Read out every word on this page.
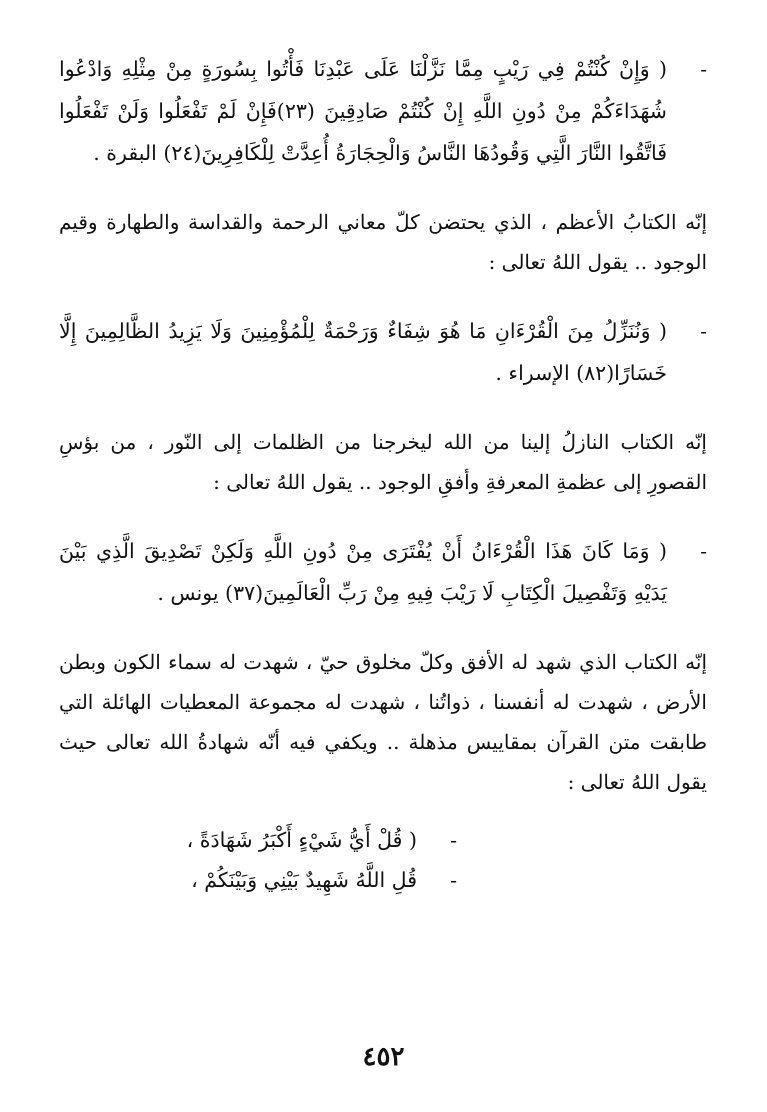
-
( وَإِنْ كُنْتُمْ فِي رَيْبٍ مِمَّا نَزَّلْنَا عَلَى عَبْدِنَا فَأْتُوا بِسُورَةٍ مِنْ مِثْلِهِ وَادْعُوا شُهَدَاءَكُمْ مِنْ دُونِ اللَّهِ إِنْ كُنْتُمْ صَادِقِينَ (٢٣)فَإِنْ لَمْ تَفْعَلُوا وَلَنْ تَفْعَلُوا فَاتَّقُوا النَّارَ الَّتِي وَقُودُهَا النَّاسُ وَالْحِجَارَةُ أُعِدَّتْ لِلْكَافِرِينَ(٢٤) البقرة .

إنّه الكتابُ الأعظم ، الذي يحتضن كلّ معاني الرحمة والقداسة والطهارة وقيم الوجود .. يقول اللهُ تعالى :

-
( وَنُنَزِّلُ مِنَ الْقُرْءَانِ مَا هُوَ شِفَاءٌ وَرَحْمَةٌ لِلْمُؤْمِنِينَ وَلَا يَزِيدُ الظَّالِمِينَ إِلَّا خَسَارًا(٨٢) الإسراء .

إنّه الكتاب النازلُ إلينا من الله ليخرجنا من الظلمات إلى النّور ، من بؤسِ القصورِ إلى عظمةِ المعرفةِ وأفقِ الوجود .. يقول اللهُ تعالى :

-
( وَمَا كَانَ هَذَا الْقُرْءَانُ أَنْ يُفْتَرَى مِنْ دُونِ اللَّهِ وَلَكِنْ تَصْدِيقَ الَّذِي بَيْنَ يَدَيْهِ وَتَفْصِيلَ الْكِتَابِ لَا رَيْبَ فِيهِ مِنْ رَبِّ الْعَالَمِينَ(٣٧) يونس .

إنّه الكتاب الذي شهد له الأفق وكلّ مخلوق حيّ ، شهدت له سماء الكون وبطن الأرض ، شهدت له أنفسنا ، ذواتُنا ، شهدت له مجموعة المعطيات الهائلة التي طابقت متن القرآن بمقاييس مذهلة .. ويكفي فيه أنّه شهادةُ الله تعالى حيث يقول اللهُ تعالى :

-
( قُلْ أَيُّ شَيْءٍ أَكْبَرُ شَهَادَةً ،
-
قُلِ اللَّهُ شَهِيدٌ بَيْنِي وَبَيْنَكُمْ ،
٤٥٢
